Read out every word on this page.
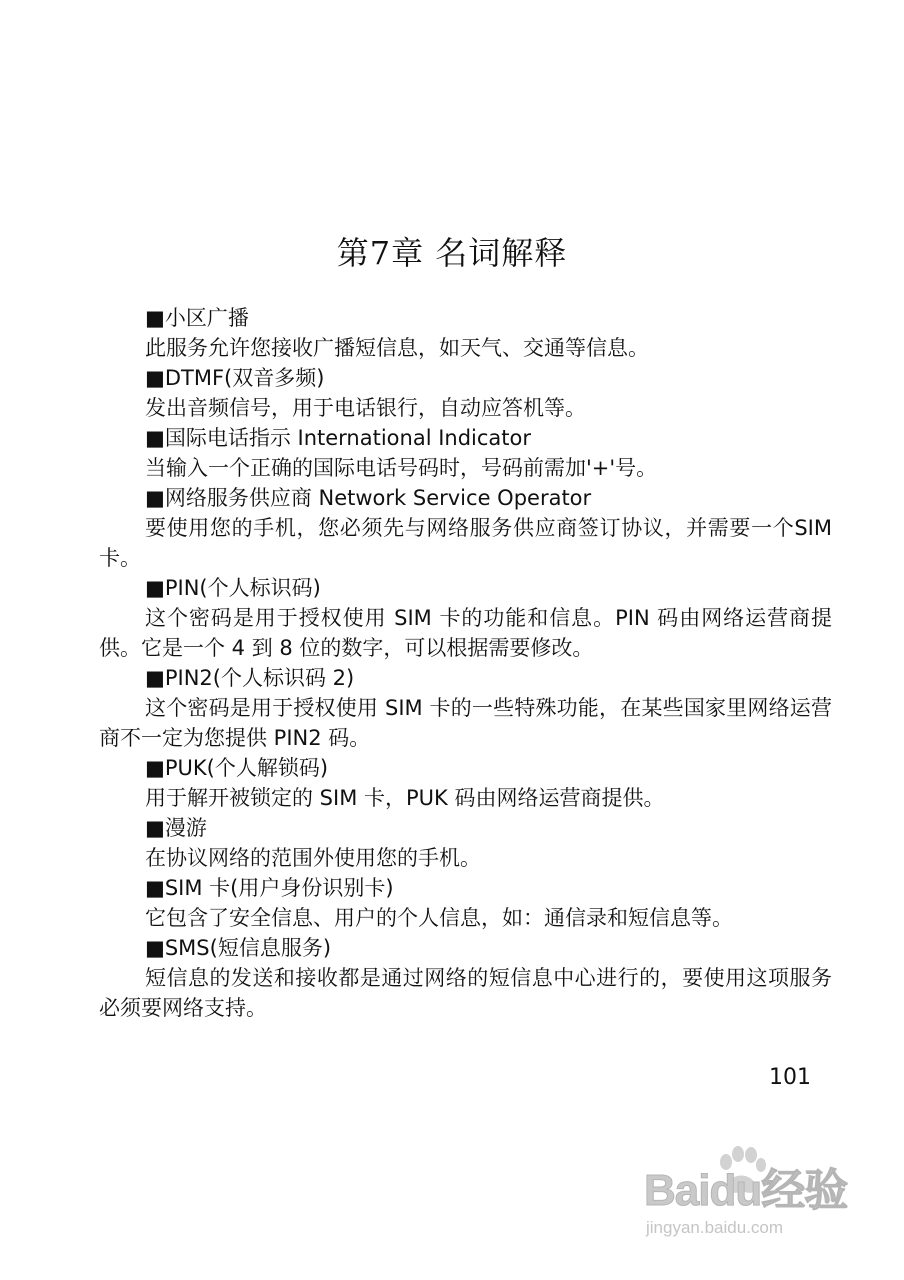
第7章 名词解释
■小区广播
此服务允许您接收广播短信息，如天气、交通等信息。
■DTMF(双音多频)
发出音频信号，用于电话银行，自动应答机等。
■国际电话指示 International Indicator
当输入一个正确的国际电话号码时，号码前需加'+'号。
■网络服务供应商 Network Service Operator
要使用您的手机，您必须先与网络服务供应商签订协议，并需要一个SIM 卡。
■PIN(个人标识码)
这个密码是用于授权使用 SIM 卡的功能和信息。PIN 码由网络运营商提供。它是一个 4 到 8 位的数字，可以根据需要修改。
■PIN2(个人标识码 2)
这个密码是用于授权使用 SIM 卡的一些特殊功能，在某些国家里网络运营商不一定为您提供 PIN2 码。
■PUK(个人解锁码)
用于解开被锁定的 SIM 卡，PUK 码由网络运营商提供。
■漫游
在协议网络的范围外使用您的手机。
■SIM 卡(用户身份识别卡)
它包含了安全信息、用户的个人信息，如：通信录和短信息等。
■SMS(短信息服务)
短信息的发送和接收都是通过网络的短信息中心进行的，要使用这项服务必须要网络支持。
101
Baidu经验
jingyan.baidu.com
